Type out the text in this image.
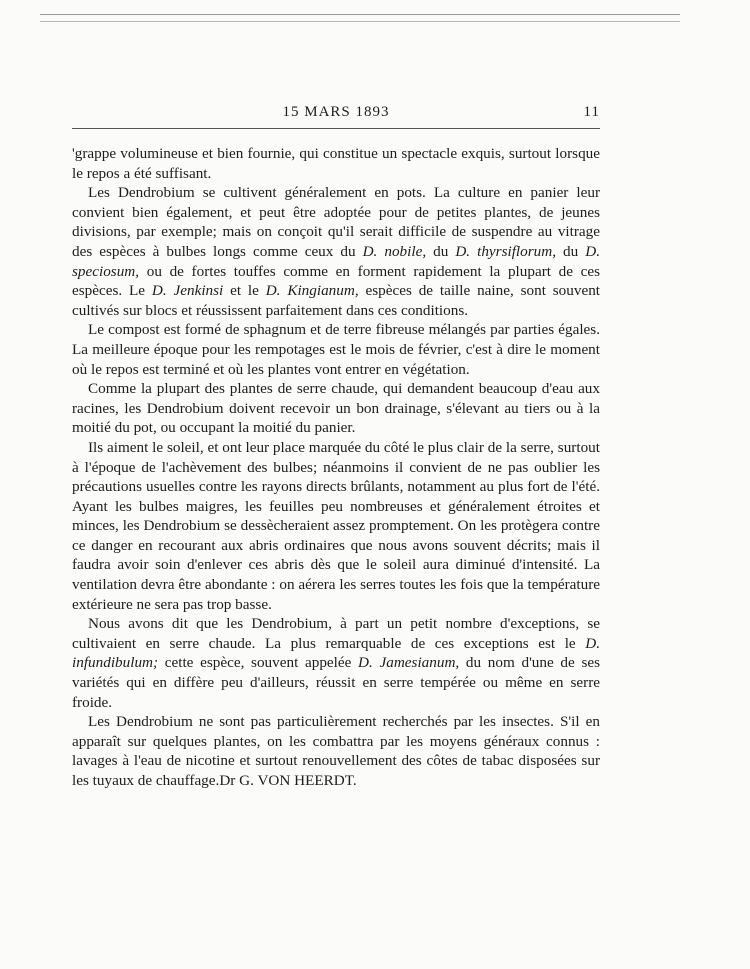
15 MARS 1893	11

'grappe volumineuse et bien fournie, qui constitue un spectacle exquis, surtout lorsque le repos a été suffisant.

Les Dendrobium se cultivent généralement en pots. La culture en panier leur convient bien également, et peut être adoptée pour de petites plantes, de jeunes divisions, par exemple; mais on conçoit qu'il serait difficile de suspendre au vitrage des espèces à bulbes longs comme ceux du D. nobile, du D. thyrsiflorum, du D. speciosum, ou de fortes touffes comme en forment rapidement la plupart de ces espèces. Le D. Jenkinsi et le D. Kingianum, espèces de taille naine, sont souvent cultivés sur blocs et réussissent parfaitement dans ces conditions.

Le compost est formé de sphagnum et de terre fibreuse mélangés par parties égales. La meilleure époque pour les rempotages est le mois de février, c'est à dire le moment où le repos est terminé et où les plantes vont entrer en végétation.

Comme la plupart des plantes de serre chaude, qui demandent beaucoup d'eau aux racines, les Dendrobium doivent recevoir un bon drainage, s'élevant au tiers ou à la moitié du pot, ou occupant la moitié du panier.

Ils aiment le soleil, et ont leur place marquée du côté le plus clair de la serre, surtout à l'époque de l'achèvement des bulbes; néanmoins il convient de ne pas oublier les précautions usuelles contre les rayons directs brûlants, notamment au plus fort de l'été. Ayant les bulbes maigres, les feuilles peu nombreuses et généralement étroites et minces, les Dendrobium se dessècheraient assez promptement. On les protègera contre ce danger en recourant aux abris ordinaires que nous avons souvent décrits; mais il faudra avoir soin d'enlever ces abris dès que le soleil aura diminué d'intensité. La ventilation devra être abondante : on aérera les serres toutes les fois que la température extérieure ne sera pas trop basse.

Nous avons dit que les Dendrobium, à part un petit nombre d'exceptions, se cultivaient en serre chaude. La plus remarquable de ces exceptions est le D. infundibulum; cette espèce, souvent appelée D. Jamesianum, du nom d'une de ses variétés qui en diffère peu d'ailleurs, réussit en serre tempérée ou même en serre froide.

Les Dendrobium ne sont pas particulièrement recherchés par les insectes. S'il en apparaît sur quelques plantes, on les combattra par les moyens généraux connus : lavages à l'eau de nicotine et surtout renouvellement des côtes de tabac disposées sur les tuyaux de chauffage.Dr G. VON HEERDT.
